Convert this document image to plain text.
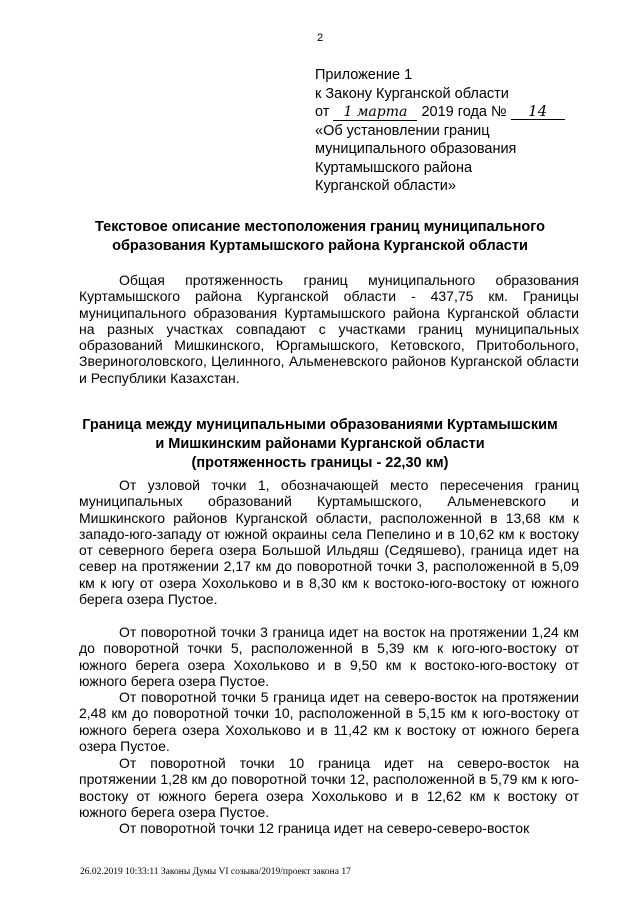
2
Приложение 1
к Закону Курганской области
от 1 марта 2019 года № 14
«Об установлении границ
муниципального образования
Куртамышского района
Курганской области»
Текстовое описание местоположения границ муниципального образования Куртамышского района Курганской области
Общая протяженность границ муниципального образования Куртамышского района Курганской области - 437,75 км. Границы муниципального образования Куртамышского района Курганской области на разных участках совпадают с участками границ муниципальных образований Мишкинского, Юргамышского, Кетовского, Притобольного, Звериноголовского, Целинного, Альменевского районов Курганской области и Республики Казахстан.
Граница между муниципальными образованиями Куртамышским
и Мишкинским районами Курганской области
(протяженность границы - 22,30 км)
От узловой точки 1, обозначающей место пересечения границ муниципальных образований Куртамышского, Альменевского и Мишкинского районов Курганской области, расположенной в 13,68 км к западо-юго-западу от южной окраины села Пепелино и в 10,62 км к востоку от северного берега озера Большой Ильдяш (Седяшево), граница идет на север на протяжении 2,17 км до поворотной точки 3, расположенной в 5,09 км к югу от озера Хохольково и в 8,30 км к востоко-юго-востоку от южного берега озера Пустое.
От поворотной точки 3 граница идет на восток на протяжении 1,24 км до поворотной точки 5, расположенной в 5,39 км к юго-юго-востоку от южного берега озера Хохольково и в 9,50 км к востоко-юго-востоку от южного берега озера Пустое.
От поворотной точки 5 граница идет на северо-восток на протяжении 2,48 км до поворотной точки 10, расположенной в 5,15 км к юго-востоку от южного берега озера Хохольково и в 11,42 км к востоку от южного берега озера Пустое.
От поворотной точки 10 граница идет на северо-восток на протяжении 1,28 км до поворотной точки 12, расположенной в 5,79 км к юго-востоку от южного берега озера Хохольково и в 12,62 км к востоку от южного берега озера Пустое.
От поворотной точки 12 граница идет на северо-северо-восток
26.02.2019 10:33:11 Законы Думы VI созыва/2019/проект закона 17
